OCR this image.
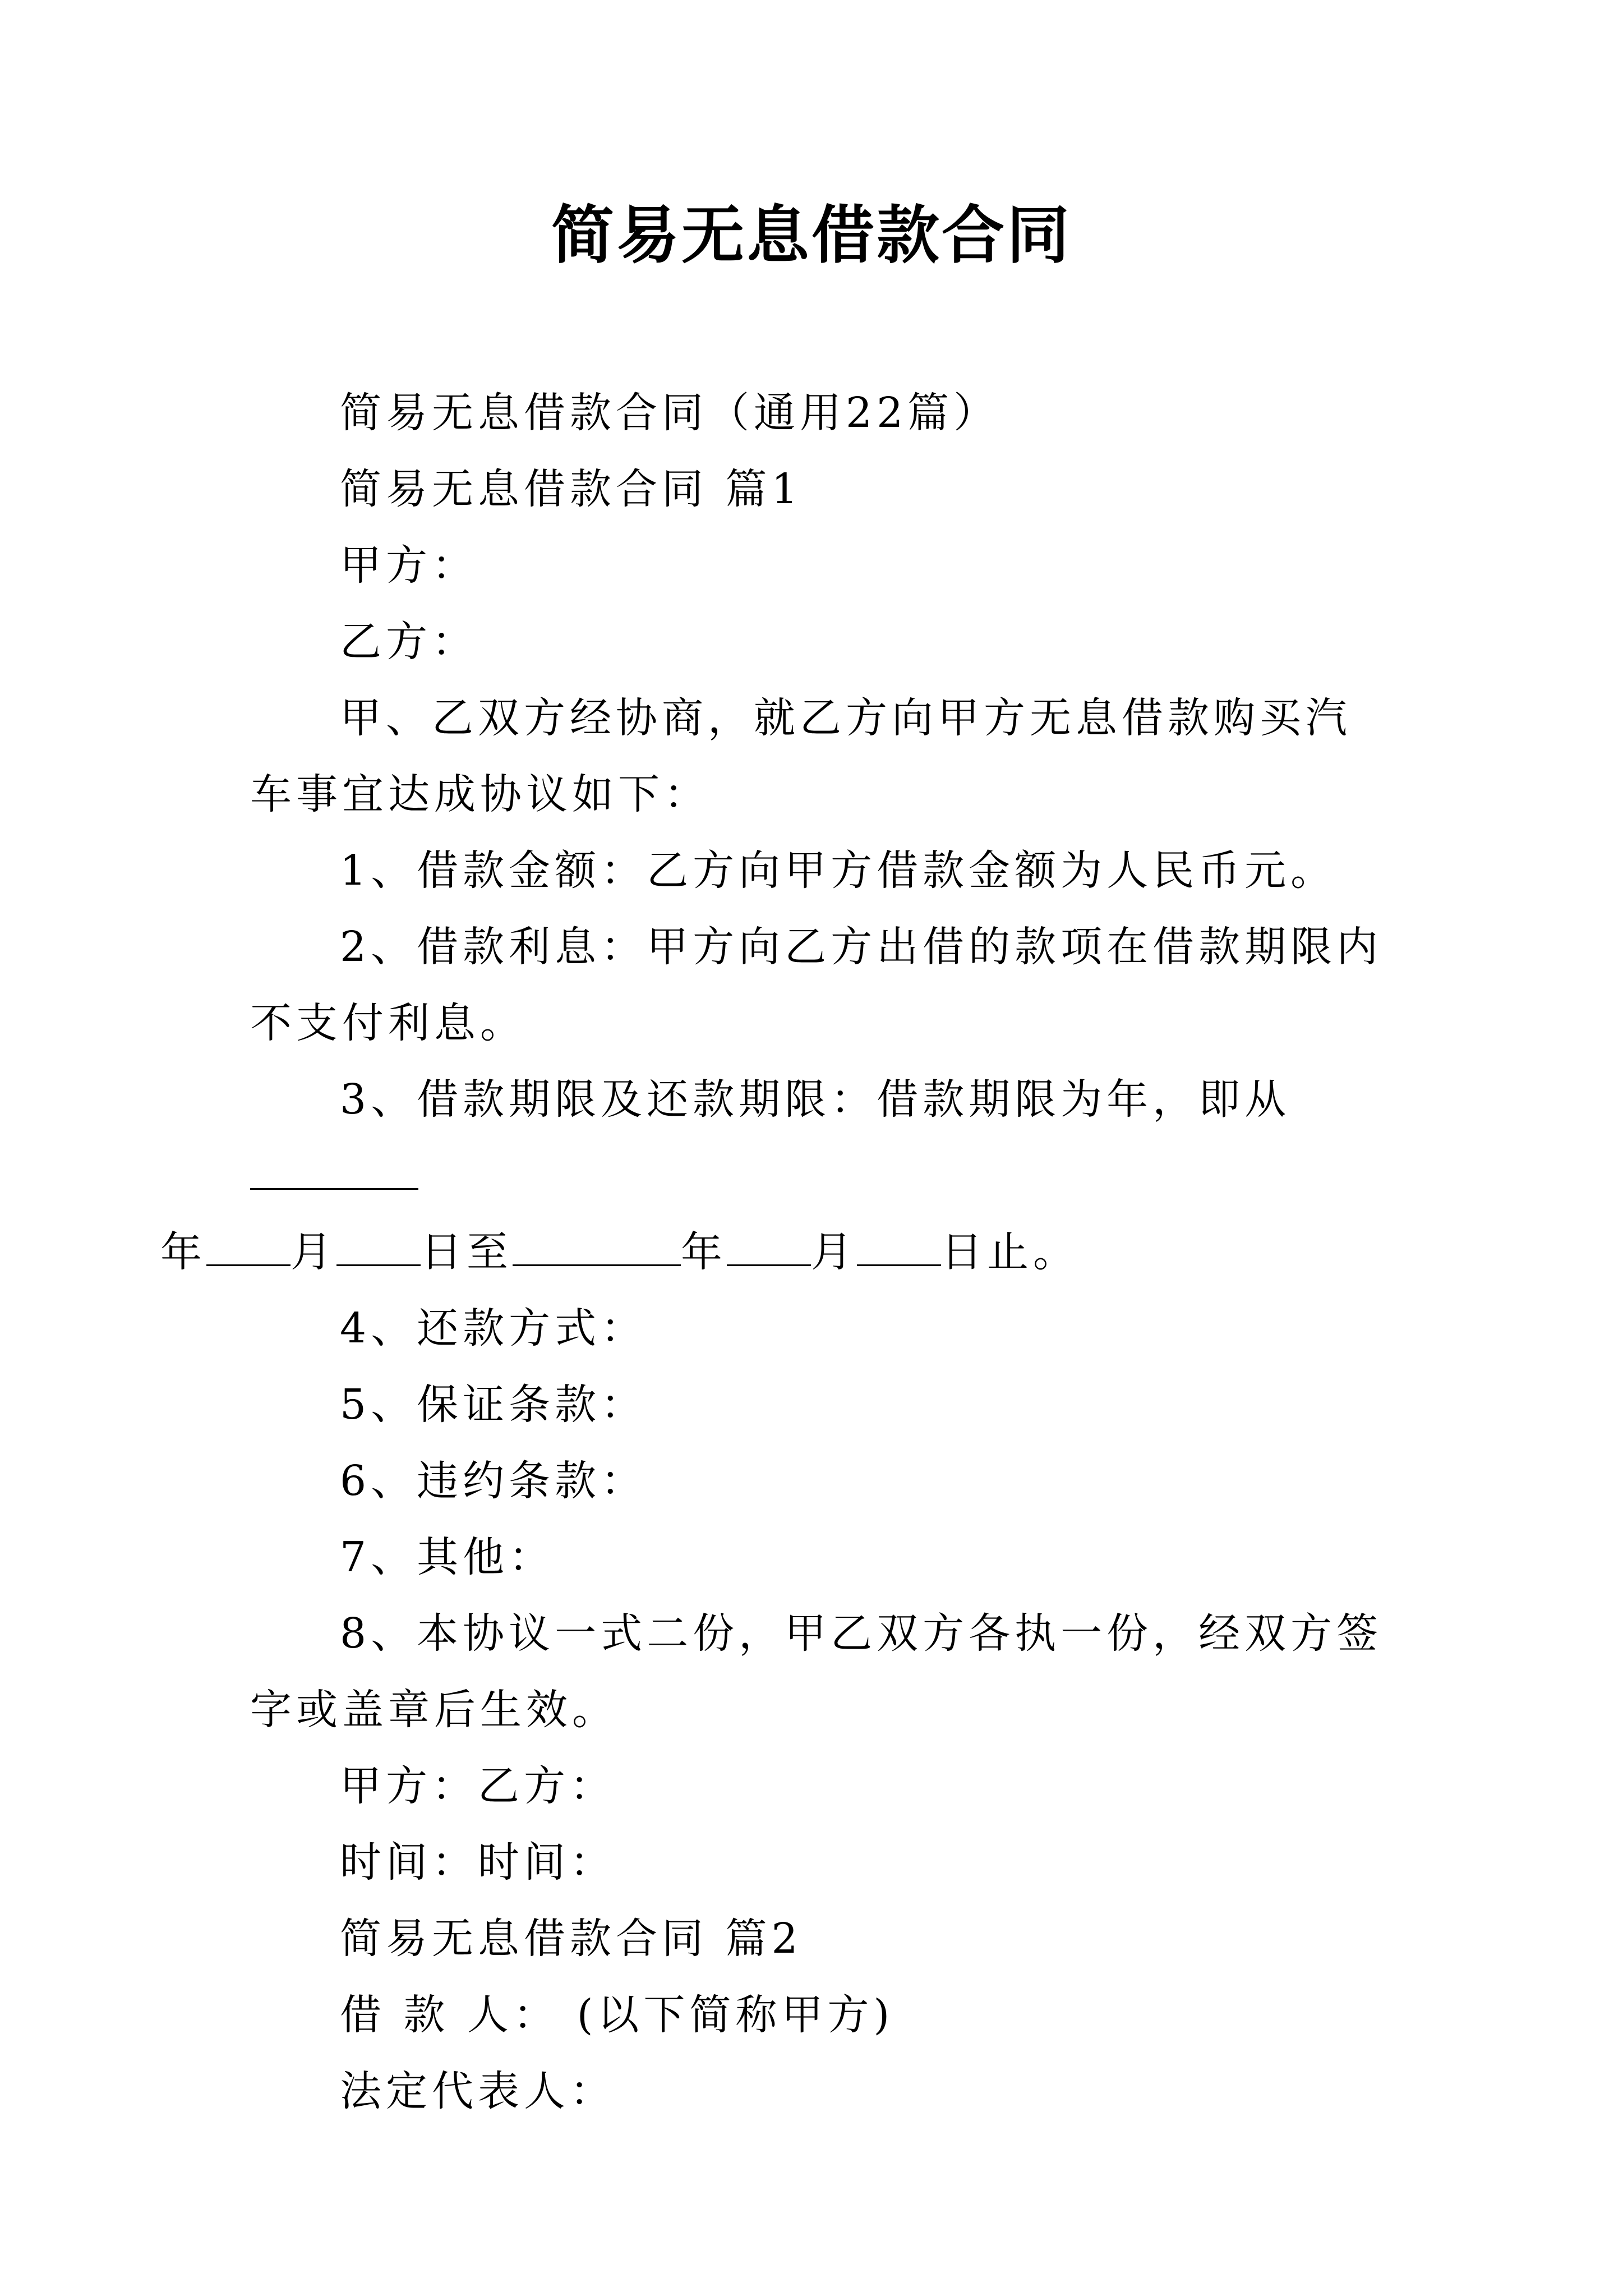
简易无息借款合同

简易无息借款合同（通用22篇）

简易无息借款合同 篇1

甲方：

乙方：

甲、乙双方经协商，就乙方向甲方无息借款购买汽车事宜达成协议如下：

1、借款金额：乙方向甲方借款金额为人民币元。

2、借款利息：甲方向乙方出借的款项在借款期限内不支付利息。

3、借款期限及还款期限：借款期限为年，即从
年 月 日至	年 月 日止。

4、还款方式：

5、保证条款：

6、违约条款：

7、其他：

8、本协议一式二份，甲乙双方各执一份，经双方签字或盖章后生效。

甲方：乙方：

时间：时间：

简易无息借款合同 篇2

借 款 人： (以下简称甲方)

法定代表人：
